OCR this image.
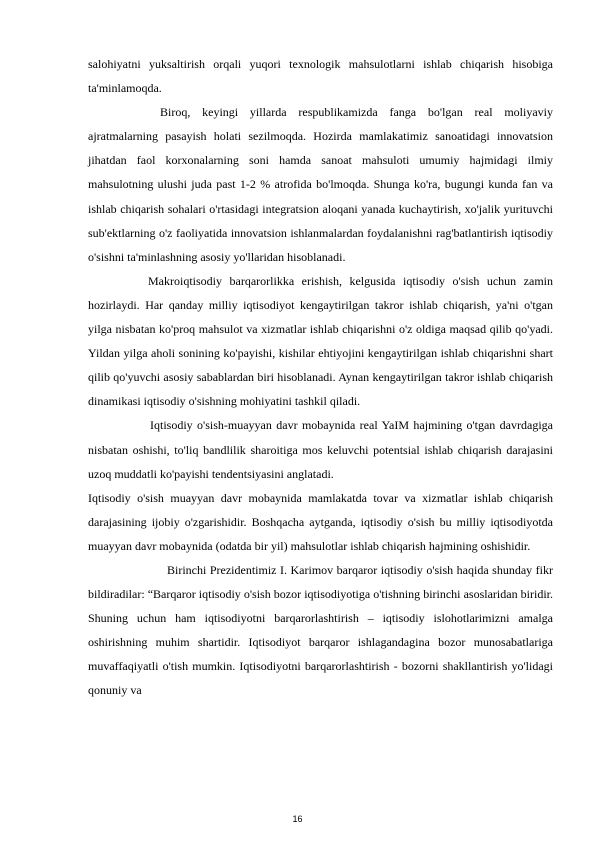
salohiyatni yuksaltirish orqali yuqori texnologik mahsulotlarni ishlab chiqarish hisobiga ta'minlamoqda.

Biroq, keyingi yillarda respublikamizda fanga bo'lgan real moliyaviy ajratmalarning pasayish holati sezilmoqda. Hozirda mamlakatimiz sanoatidagi innovatsion jihatdan faol korxonalarning soni hamda sanoat mahsuloti umumiy hajmidagi ilmiy mahsulotning ulushi juda past 1-2 % atrofida bo'lmoqda. Shunga ko'ra, bugungi kunda fan va ishlab chiqarish sohalari o'rtasidagi integratsion aloqani yanada kuchaytirish, xo'jalik yurituvchi sub'ektlarning o'z faoliyatida innovatsion ishlanmalardan foydalanishni rag'batlantirish iqtisodiy o'sishni ta'minlashning asosiy yo'llaridan hisoblanadi.

Makroiqtisodiy barqarorlikka erishish, kelgusida iqtisodiy o'sish uchun zamin hozirlaydi. Har qanday milliy iqtisodiyot kengaytirilgan takror ishlab chiqarish, ya'ni o'tgan yilga nisbatan ko'proq mahsulot va xizmatlar ishlab chiqarishni o'z oldiga maqsad qilib qo'yadi. Yildan yilga aholi sonining ko'payishi, kishilar ehtiyojini kengaytirilgan ishlab chiqarishni shart qilib qo'yuvchi asosiy sabablardan biri hisoblanadi. Aynan kengaytirilgan takror ishlab chiqarish dinamikasi iqtisodiy o'sishning mohiyatini tashkil qiladi.

Iqtisodiy o'sish-muayyan davr mobaynida real YaIM hajmining o'tgan davrdagiga nisbatan oshishi, to'liq bandlilik sharoitiga mos keluvchi potentsial ishlab chiqarish darajasini uzoq muddatli ko'payishi tendentsiyasini anglatadi.

Iqtisodiy o'sish muayyan davr mobaynida mamlakatda tovar va xizmatlar ishlab chiqarish darajasining ijobiy o'zgarishidir. Boshqacha aytganda, iqtisodiy o'sish bu milliy iqtisodiyotda muayyan davr mobaynida (odatda bir yil) mahsulotlar ishlab chiqarish hajmining oshishidir.

Birinchi Prezidentimiz I. Karimov barqaror iqtisodiy o'sish haqida shunday fikr bildiradilar: “Barqaror iqtisodiy o'sish bozor iqtisodiyotiga o'tishning birinchi asoslaridan biridir. Shuning uchun ham iqtisodiyotni barqarorlashtirish – iqtisodiy islohotlarimizni amalga oshirishning muhim shartidir. Iqtisodiyot barqaror ishlagandagina bozor munosabatlariga muvaffaqiyatli o'tish mumkin. Iqtisodiyotni barqarorlashtirish - bozorni shakllantirish yo'lidagi qonuniy va

16
